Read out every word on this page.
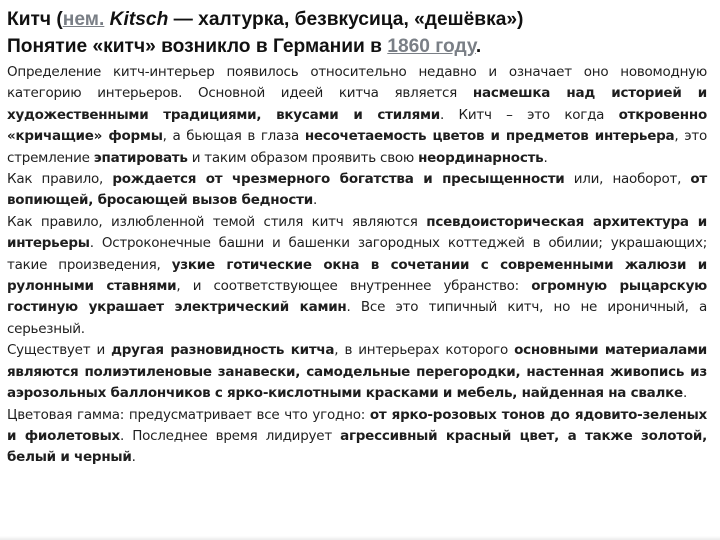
Китч (нем. Kitsch — халтурка, безвкусица, «дешёвка»)
Понятие «китч» возникло в Германии в 1860 году.

Определение китч-интерьер появилось относительно недавно и означает оно новомодную категорию интерьеров. Основной идеей китча является насмешка над историей и художественными традициями, вкусами и стилями. Китч – это когда откровенно «кричащие» формы, а бьющая в глаза несочетаемость цветов и предметов интерьера, это стремление эпатировать и таким образом проявить свою неординарность.

Как правило, рождается от чрезмерного богатства и пресыщенности или, наоборот, от вопиющей, бросающей вызов бедности.

Как правило, излюбленной темой стиля китч являются псевдоисторическая архитектура и интерьеры. Остроконечные башни и башенки загородных коттеджей в обилии; украшающих; такие произведения, узкие готические окна в сочетании с современными жалюзи и рулонными ставнями, и соответствующее внутреннее убранство: огромную рыцарскую гостиную украшает электрический камин. Все это типичный китч, но не ироничный, а серьезный.

Существует и другая разновидность китча, в интерьерах которого основными материалами являются полиэтиленовые занавески, самодельные перегородки, настенная живопись из аэрозольных баллончиков с ярко-кислотными красками и мебель, найденная на свалке.

Цветовая гамма: предусматривает все что угодно: от ярко-розовых тонов до ядовито-зеленых и фиолетовых. Последнее время лидирует агрессивный красный цвет, а также золотой, белый и черный.
